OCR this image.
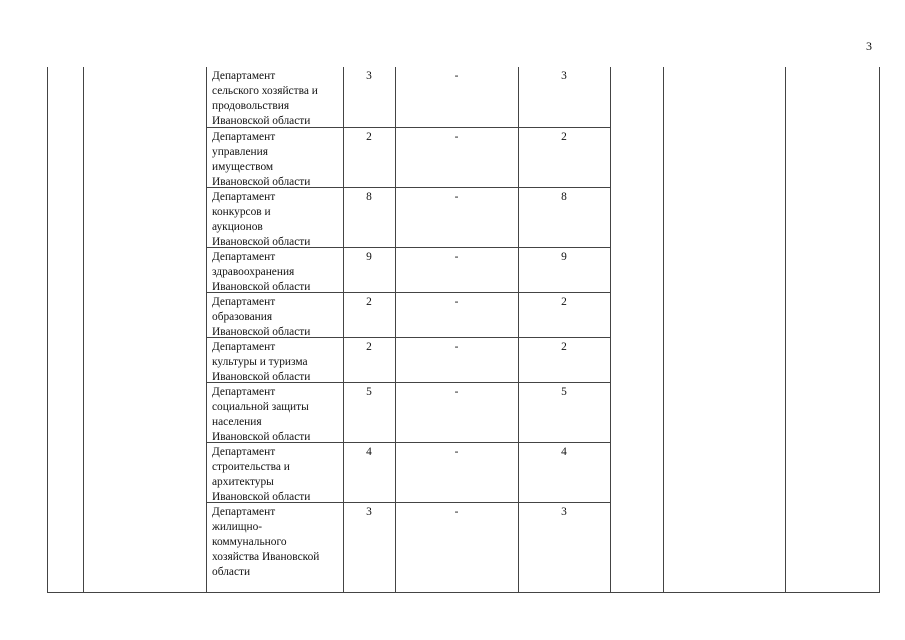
3
Департамент
сельского хозяйства и
продовольствия
Ивановской области
3	-	3
Департамент
управления
имуществом
Ивановской области
2	-	2
Департамент
конкурсов и
аукционов
Ивановской области
8	-	8
Департамент
здравоохранения
Ивановской области
9	-	9
Департамент
образования
Ивановской области
2	-	2
Департамент
культуры и туризма
Ивановской области
2	-	2
Департамент
социальной защиты
населения
Ивановской области
5	-	5
Департамент
строительства и
архитектуры
Ивановской области
4	-	4
Департамент
жилищно-
коммунального
хозяйства Ивановской
области
3	-	3
